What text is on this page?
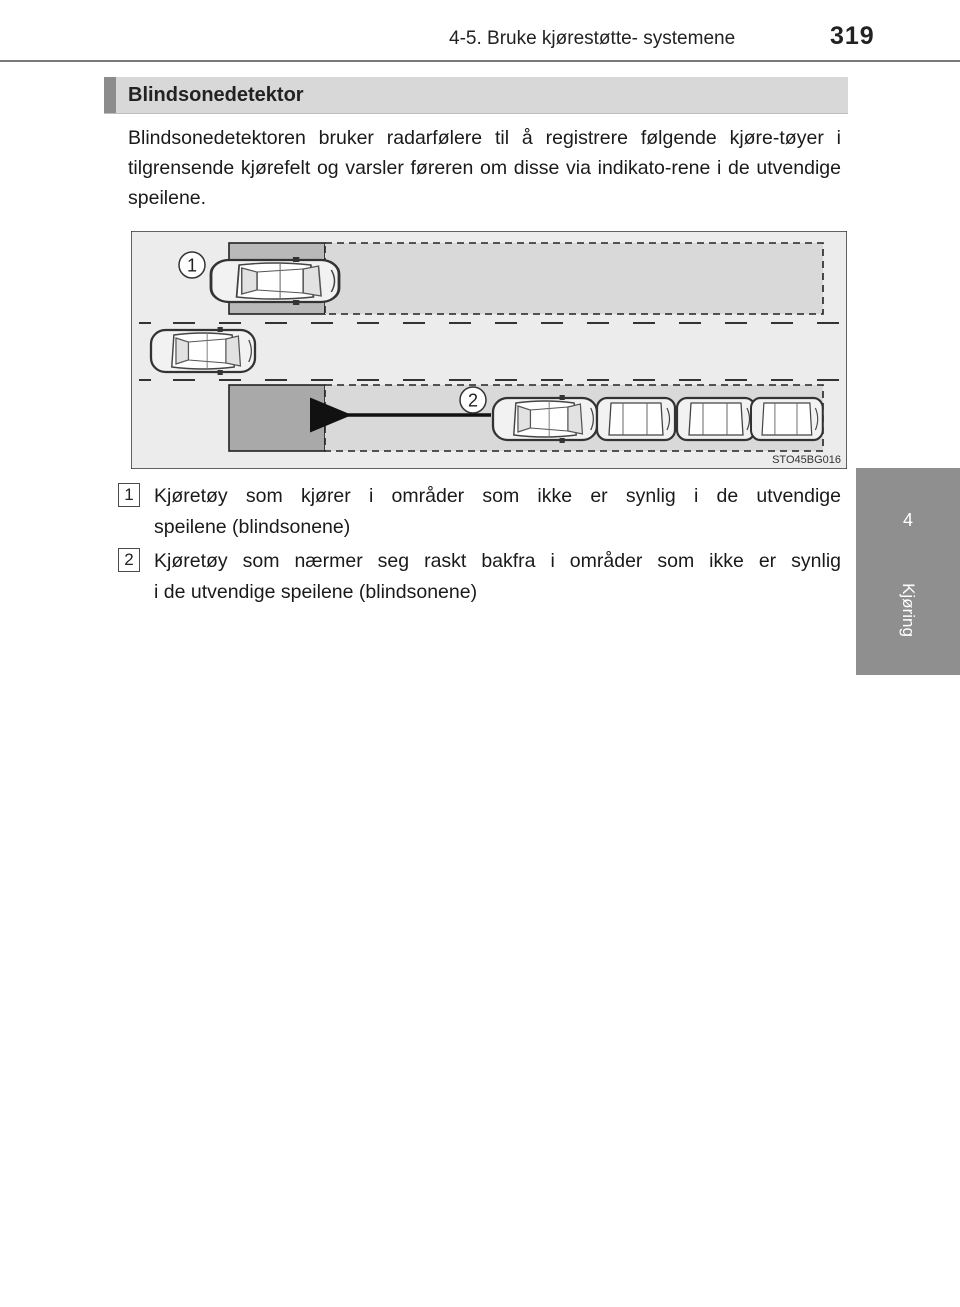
4-5. Bruke kjørestøtte- systemene	319
4
Kjøring
Blindsonedetektor
Blindsonedetektoren bruker radarfølere til å registrere følgende kjøre-tøyer i tilgrensende kjørefelt og varsler føreren om disse via indikato-rene i de utvendige speilene.
1
2
STO45BG016
1	Kjøretøy som kjører i områder som ikke er synlig i de utvendige
speilene (blindsonene)
2	Kjøretøy som nærmer seg raskt bakfra i områder som ikke er synlig
i de utvendige speilene (blindsonene)
